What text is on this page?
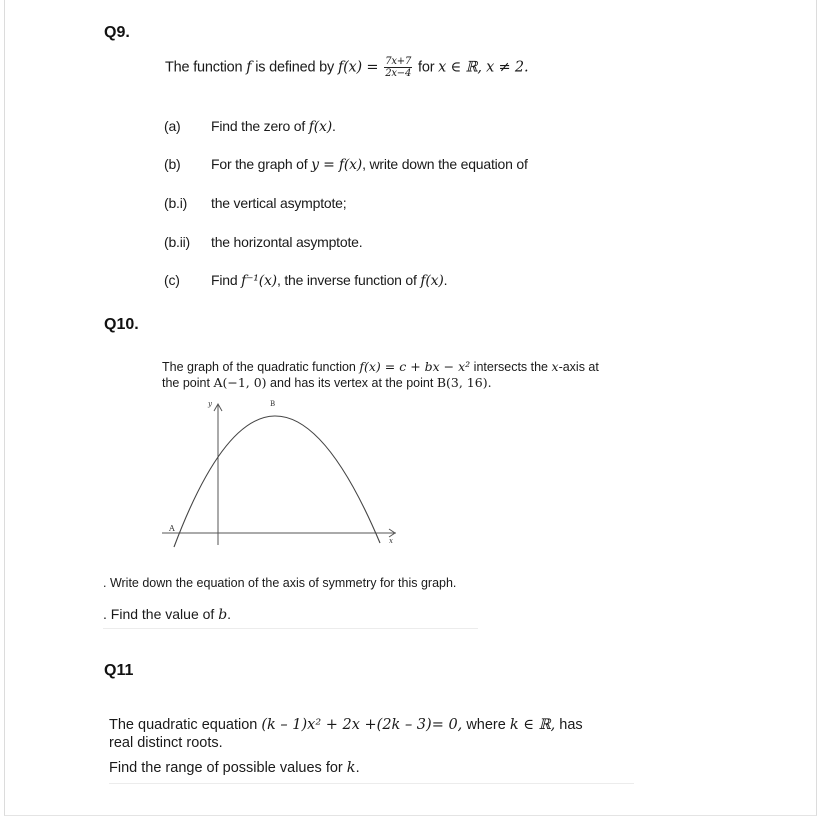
Q9.
The function f is defined by $f(x) = \frac{7x+7}{2x-4}$ for x ∈ ℝ, x ≠ 2.
(a) Find the zero of f(x).
(b) For the graph of y = f(x), write down the equation of
(b.i) the vertical asymptote;
(b.ii) the horizontal asymptote.
(c) Find f⁻¹(x), the inverse function of f(x).
Q10.
The graph of the quadratic function f(x) = c + bx − x² intersects the x-axis at
the point A(−1, 0) and has its vertex at the point B(3, 16).
y
x
A
B
. Write down the equation of the axis of symmetry for this graph.
. Find the value of b.
Q11
The quadratic equation (k – 1)x² + 2x +(2k – 3)= 0, where k ∈ ℝ, has
real distinct roots.
Find the range of possible values for k.
